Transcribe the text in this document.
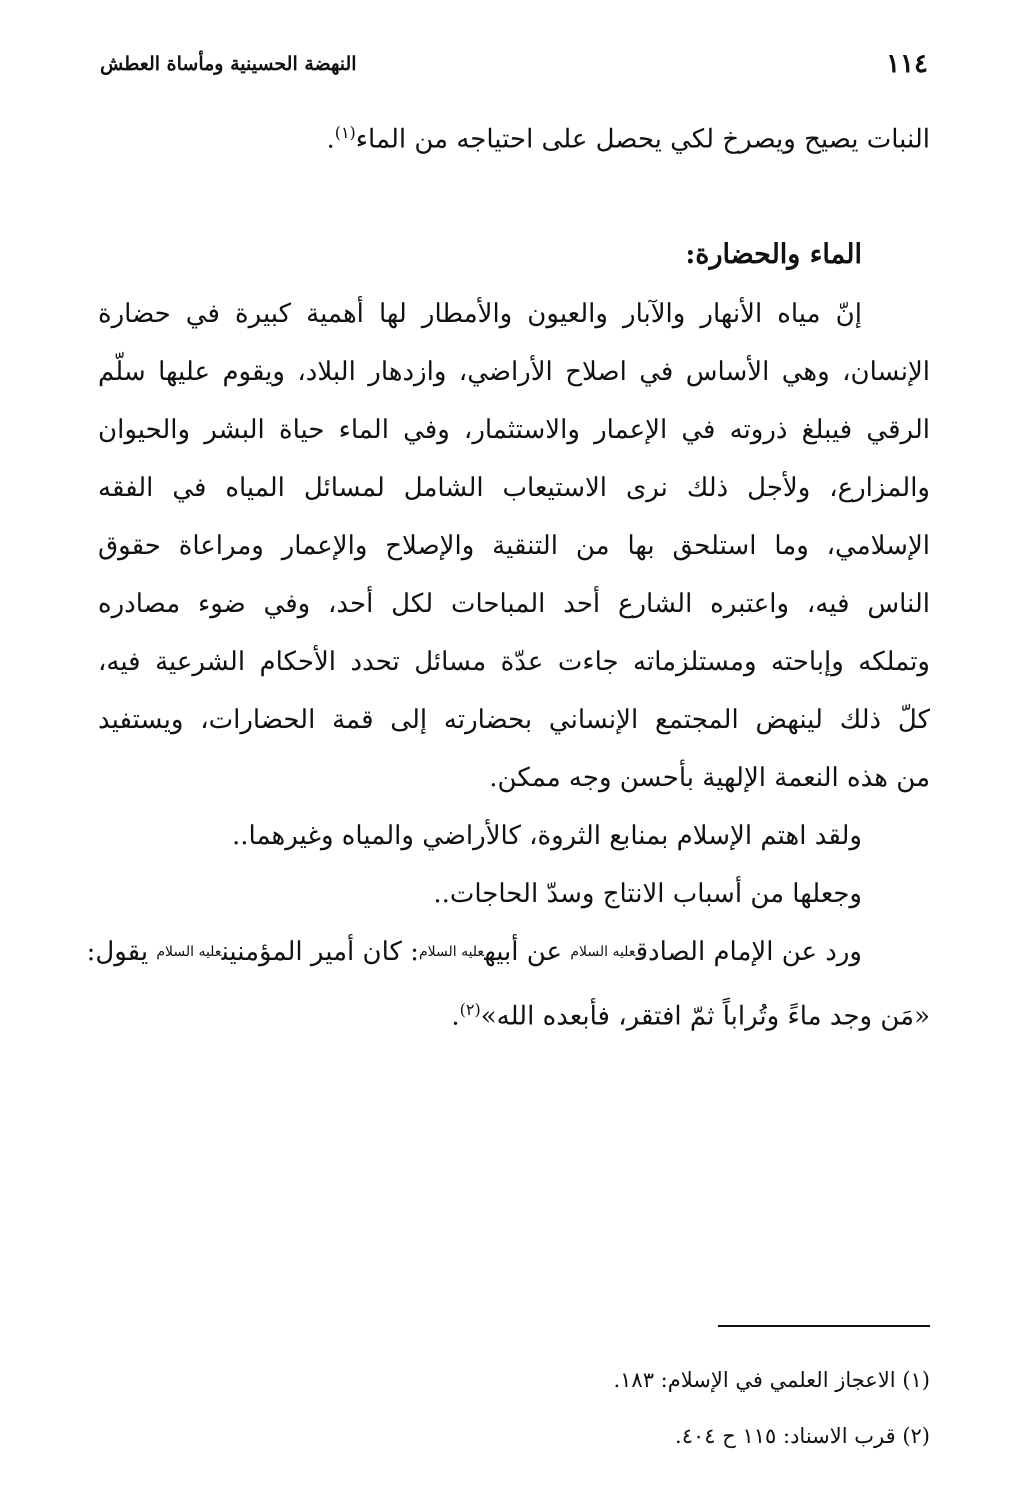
١١٤
النهضة الحسينية ومأساة العطش

النبات يصيح ويصرخ لكي يحصل على احتياجه من الماء$^{(١)}$.

الماء والحضارة:

إنّ مياه الأنهار والآبار والعيون والأمطار لها أهمية كبيرة في حضارة

الإنسان، وهي الأساس في اصلاح الأراضي، وازدهار البلاد، ويقوم عليها سلّم

الرقي فيبلغ ذروته في الإعمار والاستثمار، وفي الماء حياة البشر والحيوان

والمزارع، ولأجل ذلك نرى الاستيعاب الشامل لمسائل المياه في الفقه

الإسلامي، وما استلحق بها من التنقية والإصلاح والإعمار ومراعاة حقوق

الناس فيه، واعتبره الشارع أحد المباحات لكل أحد، وفي ضوء مصادره

وتملكه وإباحته ومستلزماته جاءت عدّة مسائل تحدد الأحكام الشرعية فيه،

كلّ ذلك لينهض المجتمع الإنساني بحضارته إلى قمة الحضارات، ويستفيد

من هذه النعمة الإلهية بأحسن وجه ممكن.

ولقد اهتم الإسلام بمنابع الثروة، كالأراضي والمياه وغيرهما..

وجعلها من أسباب الانتاج وسدّ الحاجات..

ورد عن الإمام الصادق$^{عليه السلام}$ عن أبيه$^{عليه السلام}$: كان أمير المؤمنين$^{عليه السلام}$ يقول:

«مَن وجد ماءً وتُراباً ثمّ افتقر، فأبعده الله»$^{(٢)}$.

(١) الاعجاز العلمي في الإسلام: ١٨٣.

(٢) قرب الاسناد: ١١٥ ح ٤٠٤.
